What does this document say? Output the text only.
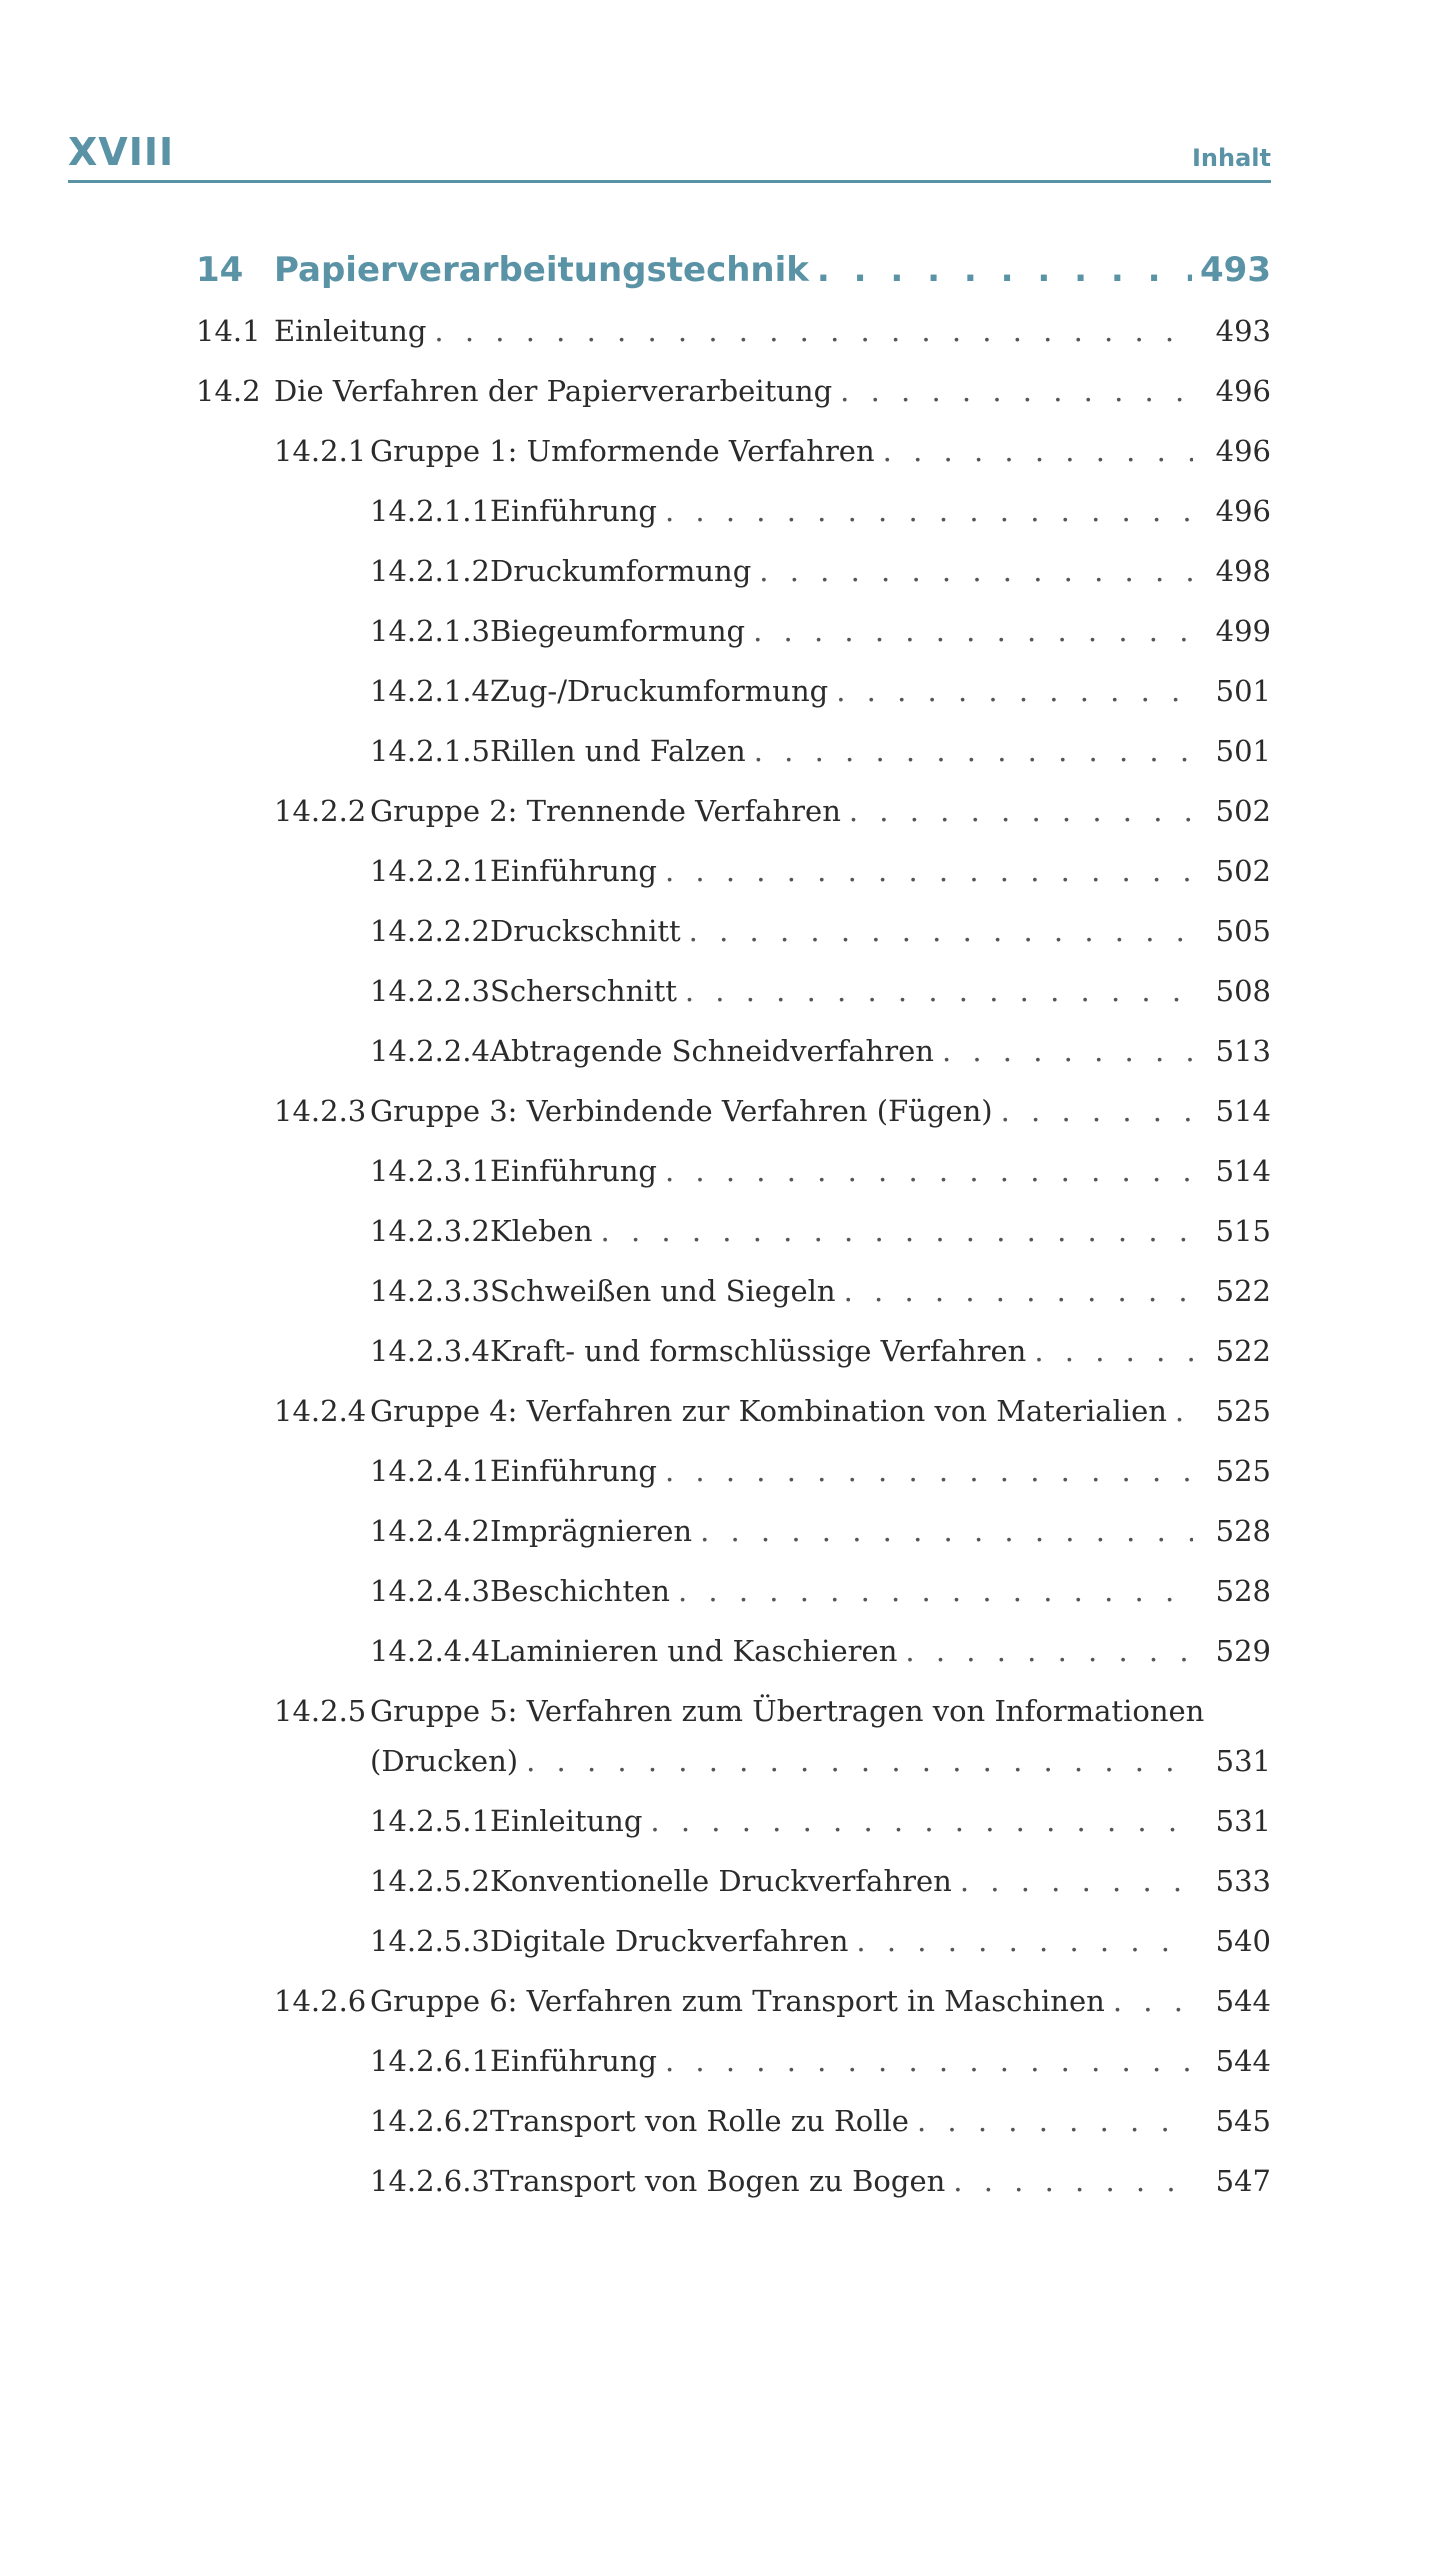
XVIII	Inhalt
14 Papierverarbeitungstechnik . . .	493
14.1 Einleitung . . .	493
14.2 Die Verfahren der Papierverarbeitung . . .	496
14.2.1 Gruppe 1: Umformende Verfahren . . .	496
14.2.1.1 Einführung . . .	496
14.2.1.2 Druckumformung . . .	498
14.2.1.3 Biegeumformung . . .	499
14.2.1.4 Zug-/Druckumformung . . .	501
14.2.1.5 Rillen und Falzen . . .	501
14.2.2 Gruppe 2: Trennende Verfahren . . .	502
14.2.2.1 Einführung . . .	502
14.2.2.2 Druckschnitt . . .	505
14.2.2.3 Scherschnitt . . .	508
14.2.2.4 Abtragende Schneidverfahren . . .	513
14.2.3 Gruppe 3: Verbindende Verfahren (Fügen) . . .	514
14.2.3.1 Einführung . . .	514
14.2.3.2 Kleben . . .	515
14.2.3.3 Schweißen und Siegeln . . .	522
14.2.3.4 Kraft- und formschlüssige Verfahren . . .	522
14.2.4 Gruppe 4: Verfahren zur Kombination von Materialien . . .	525
14.2.4.1 Einführung . . .	525
14.2.4.2 Imprägnieren . . .	528
14.2.4.3 Beschichten . . .	528
14.2.4.4 Laminieren und Kaschieren . . .	529
14.2.5 Gruppe 5: Verfahren zum Übertragen von Informationen
(Drucken) . . .	531
14.2.5.1 Einleitung . . .	531
14.2.5.2 Konventionelle Druckverfahren . . .	533
14.2.5.3 Digitale Druckverfahren . . .	540
14.2.6 Gruppe 6: Verfahren zum Transport in Maschinen . . .	544
14.2.6.1 Einführung . . .	544
14.2.6.2 Transport von Rolle zu Rolle . . .	545
14.2.6.3 Transport von Bogen zu Bogen . . .	547
